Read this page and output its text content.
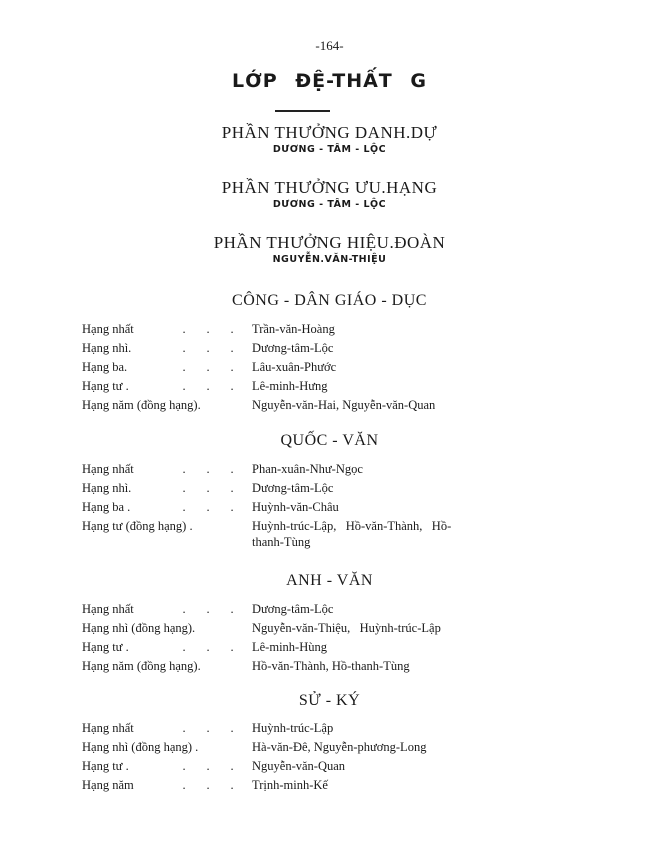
-164-
LỚP ĐỆ-THẤT G
PHẦN THƯỞNG DANH.DỰ
DƯƠNG - TÂM - LỘC
PHẦN THƯỞNG ƯU.HẠNG
DƯƠNG - TÂM - LỘC
PHẦN THƯỞNG HIỆU.ĐOÀN
NGUYỄN.VĂN-THIỆU
CÔNG - DÂN GIÁO - DỤC
Hạng nhất	. . .	Trần-văn-Hoàng
Hạng nhì.	. . .	Dương-tâm-Lộc
Hạng ba.	. . .	Lâu-xuân-Phước
Hạng tư .	. . .	Lê-minh-Hưng
Hạng năm (đồng hạng).	Nguyễn-văn-Hai, Nguyễn-văn-Quan
QUỐC - VĂN
Hạng nhất	. . .	Phan-xuân-Như-Ngọc
Hạng nhì.	. . .	Dương-tâm-Lộc
Hạng ba .	. . .	Huỳnh-văn-Châu
Hạng tư (đồng hạng) .	Huỳnh-trúc-Lập,   Hồ-văn-Thành,   Hồ-
thanh-Tùng
ANH - VĂN
Hạng nhất	. . .	Dương-tâm-Lộc
Hạng nhì (đồng hạng).	Nguyễn-văn-Thiệu,   Huỳnh-trúc-Lập
Hạng tư .	. . .	Lê-minh-Hùng
Hạng năm (đồng hạng).	Hồ-văn-Thành, Hồ-thanh-Tùng
SỬ - KÝ
Hạng nhất	. . .	Huỳnh-trúc-Lập
Hạng nhì (đồng hạng) .	Hà-văn-Đê, Nguyễn-phương-Long
Hạng tư .	. . .	Nguyễn-văn-Quan
Hạng năm	. . .	Trịnh-minh-Kế
